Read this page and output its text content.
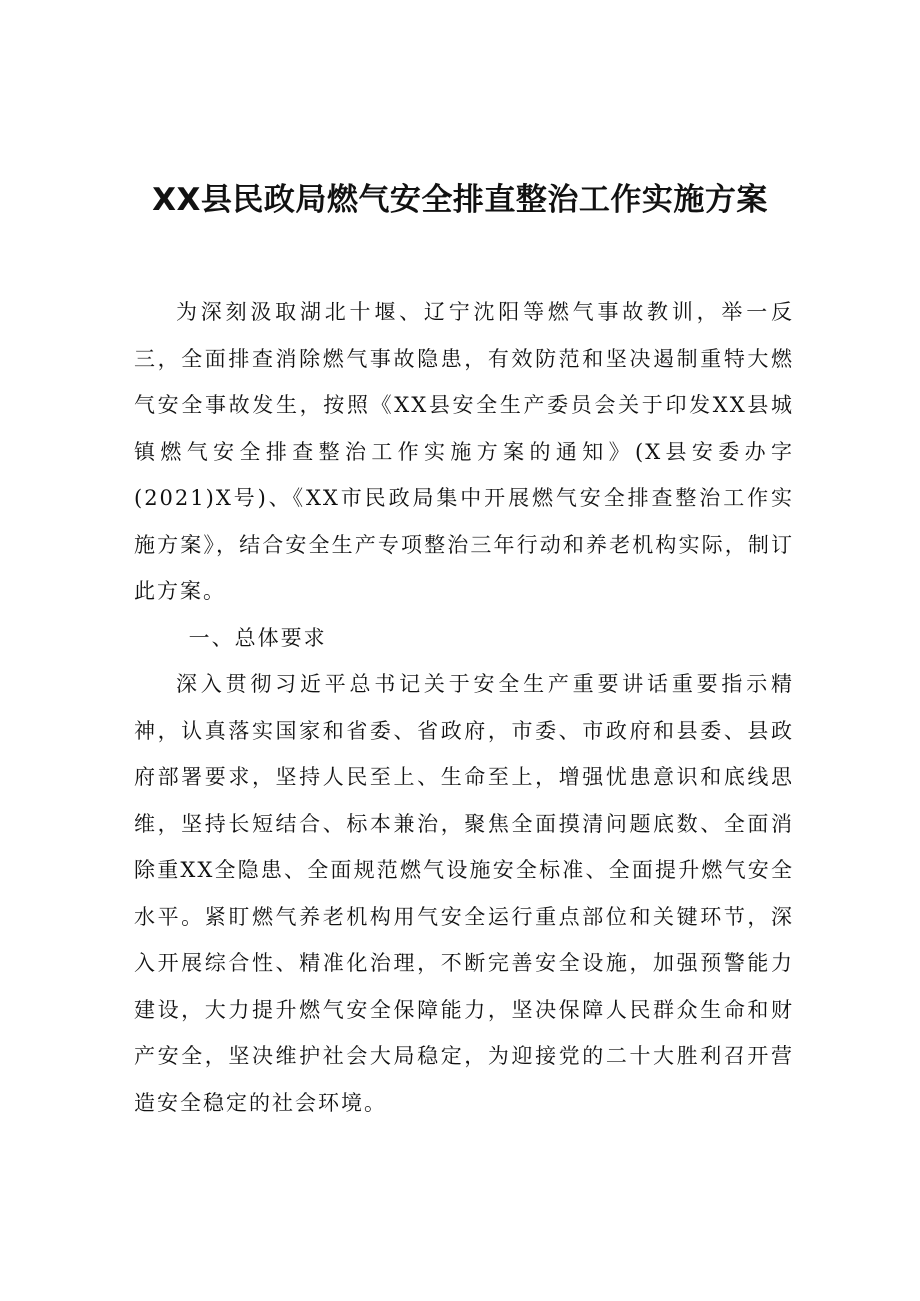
XX县民政局燃气安全排直整治工作实施方案

为深刻汲取湖北十堰、辽宁沈阳等燃气事故教训，举一反三，全面排查消除燃气事故隐患，有效防范和坚决遏制重特大燃气安全事故发生，按照《XX县安全生产委员会关于印发XX县城镇燃气安全排查整治工作实施方案的通知》(X县安委办字(2021)X号)、《XX市民政局集中开展燃气安全排查整治工作实施方案》，结合安全生产专项整治三年行动和养老机构实际，制订此方案。

一、总体要求

深入贯彻习近平总书记关于安全生产重要讲话重要指示精神，认真落实国家和省委、省政府，市委、市政府和县委、县政府部署要求，坚持人民至上、生命至上，增强忧患意识和底线思维，坚持长短结合、标本兼治，聚焦全面摸清问题底数、全面消除重XX全隐患、全面规范燃气设施安全标准、全面提升燃气安全水平。紧盯燃气养老机构用气安全运行重点部位和关键环节，深入开展综合性、精准化治理，不断完善安全设施，加强预警能力建设，大力提升燃气安全保障能力，坚决保障人民群众生命和财产安全，坚决维护社会大局稳定，为迎接党的二十大胜利召开营造安全稳定的社会环境。
